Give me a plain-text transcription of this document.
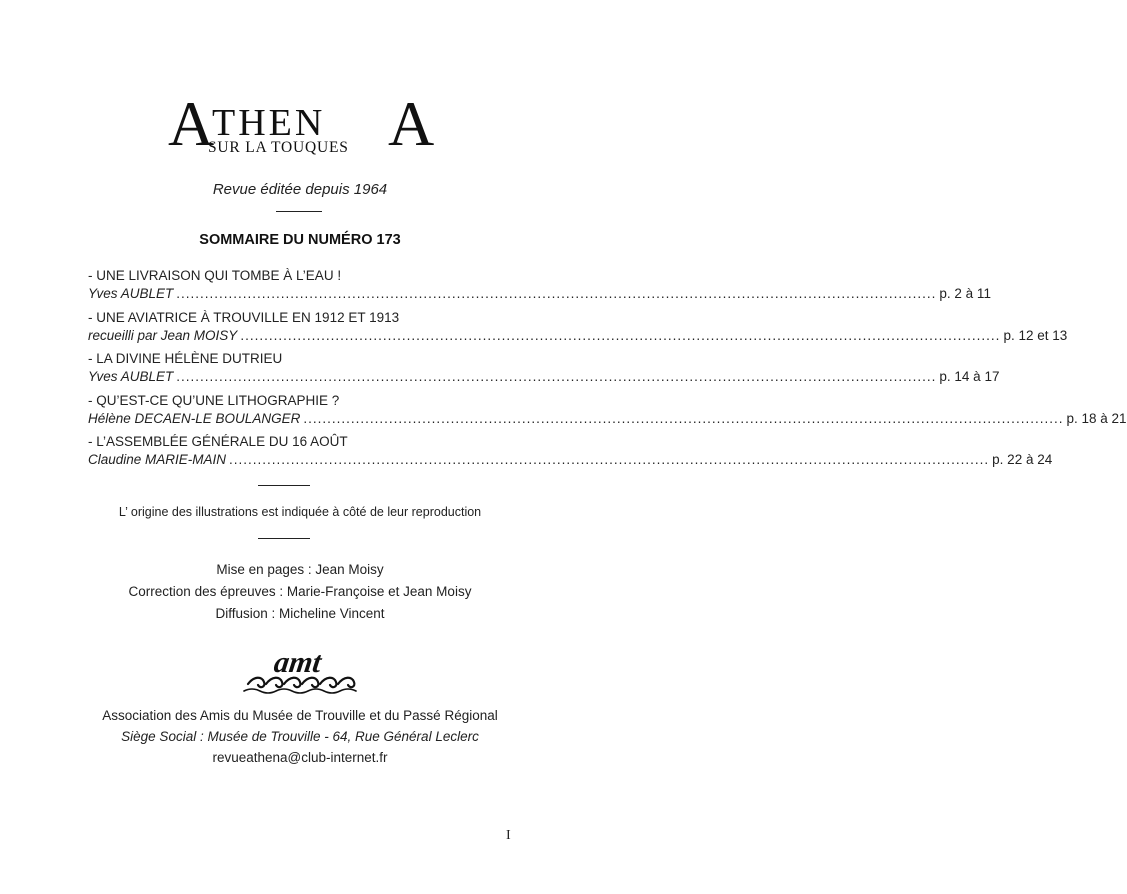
A
THEN
SUR LA TOUQUES A
Revue éditée depuis 1964
SOMMAIRE DU NUMÉRO 173
- UNE LIVRAISON QUI TOMBE À L’EAU !
Yves AUBLET ................................................................................................................................................................ p. 2 à 11
- UNE AVIATRICE À TROUVILLE EN 1912 ET 1913
recueilli par Jean MOISY ................................................................................................................................................................ p. 12 et 13
- LA DIVINE HÉLÈNE DUTRIEU
Yves AUBLET ................................................................................................................................................................ p. 14 à 17
- QU’EST-CE QU’UNE LITHOGRAPHIE ?
Hélène DECAEN-LE BOULANGER ................................................................................................................................................................ p. 18 à 21
- L’ASSEMBLÉE GÉNÉRALE DU 16 AOÛT
Claudine MARIE-MAIN ................................................................................................................................................................ p. 22 à 24
L’ origine des illustrations est indiquée à côté de leur reproduction
Mise en pages : Jean Moisy
Correction des épreuves : Marie-Françoise et Jean Moisy
Diffusion : Micheline Vincent
amt
Association des Amis du Musée de Trouville et du Passé Régional
Siège Social : Musée de Trouville - 64, Rue Général Leclerc
revueathena@club-internet.fr
I
